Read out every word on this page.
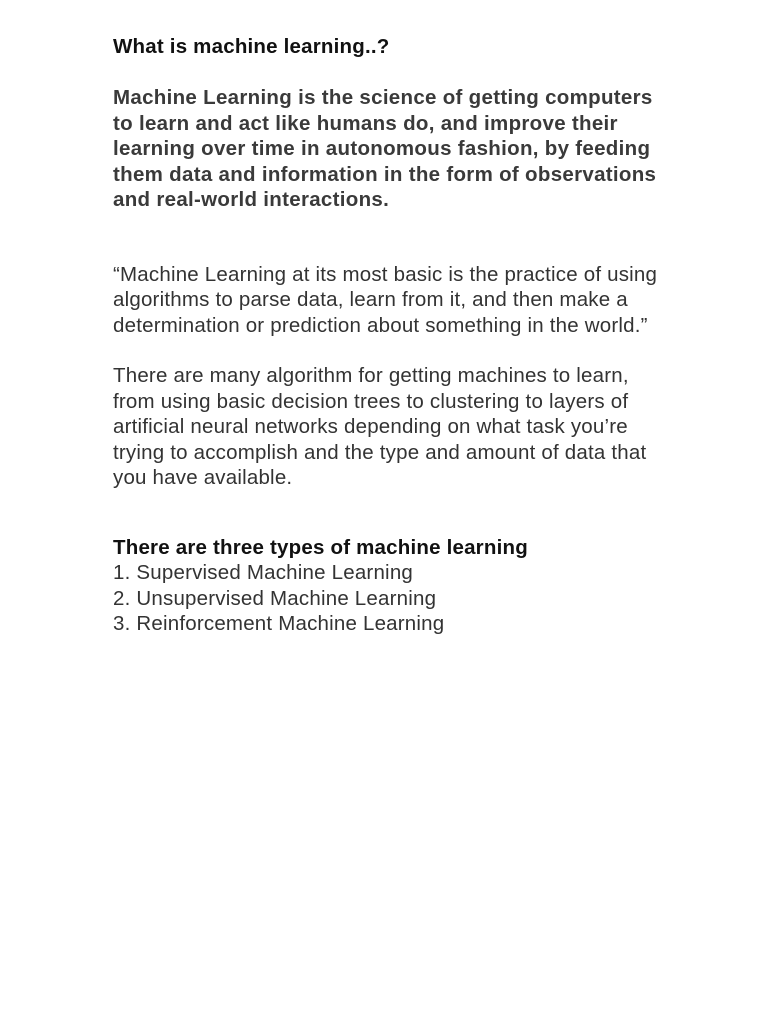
What is machine learning..?

Machine Learning is the science of getting computers to learn and act like humans do, and improve their learning over time in autonomous fashion, by feeding them data and information in the form of observations and real-world interactions.

“Machine Learning at its most basic is the practice of using algorithms to parse data, learn from it, and then make a determination or prediction about something in the world.”

There are many algorithm for getting machines to learn, from using basic decision trees to clustering to layers of artificial neural networks depending on what task you’re trying to accomplish and the type and amount of data that you have available.

There are three types of machine learning

1. Supervised Machine Learning
2. Unsupervised Machine Learning
3. Reinforcement Machine Learning
